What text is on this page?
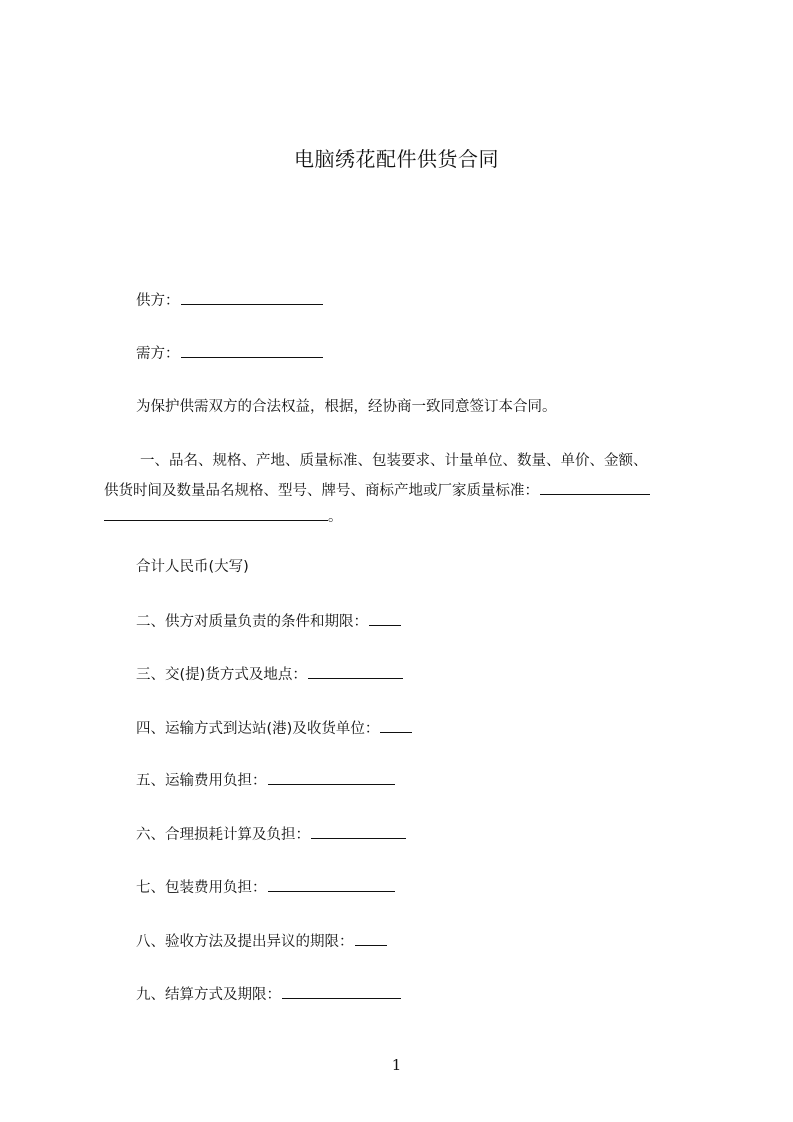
电脑绣花配件供货合同
供方：
需方：
为保护供需双方的合法权益，根据，经协商一致同意签订本合同。
一、品名、规格、产地、质量标准、包装要求、计量单位、数量、单价、金额、
供货时间及数量品名规格、型号、牌号、商标产地或厂家质量标准：
。
合计人民币(大写)
二、供方对质量负责的条件和期限：
三、交(提)货方式及地点：
四、运输方式到达站(港)及收货单位：
五、运输费用负担：
六、合理损耗计算及负担：
七、包装费用负担：
八、验收方法及提出异议的期限：
九、结算方式及期限：
1
